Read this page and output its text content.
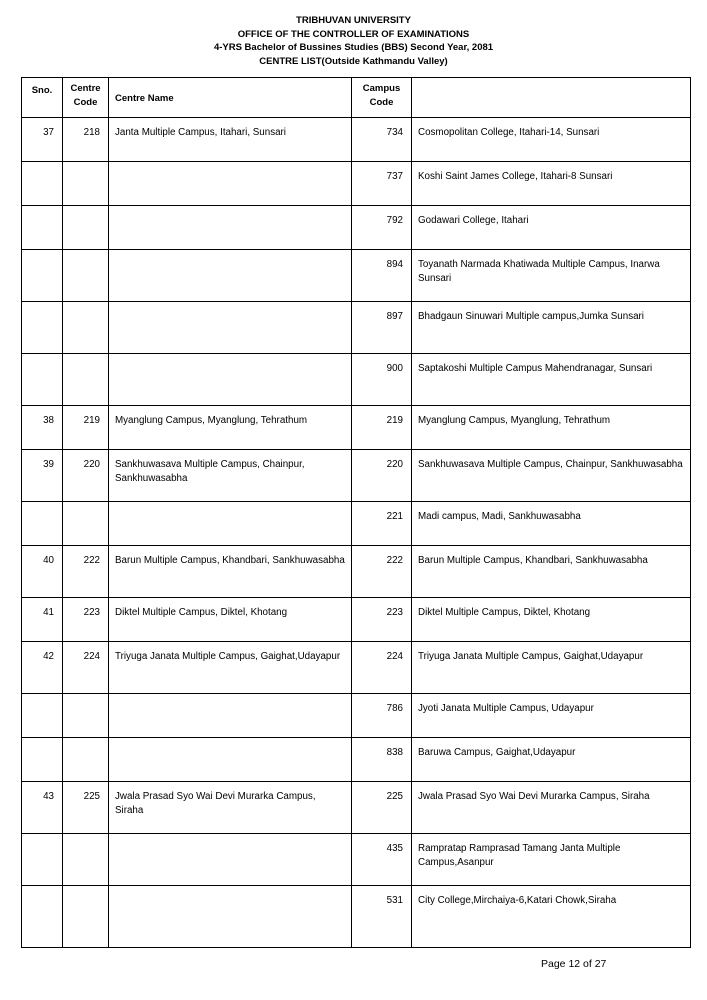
TRIBHUVAN UNIVERSITY
OFFICE OF THE CONTROLLER OF EXAMINATIONS
4-YRS Bachelor of Bussines Studies (BBS) Second Year, 2081
CENTRE LIST(Outside Kathmandu Valley)
Sno.	Centre Code	Centre Name	Campus Code	

37	218	Janta Multiple Campus, Itahari, Sunsari	734	Cosmopolitan College, Itahari-14, Sunsari

			737	Koshi Saint James College, Itahari-8 Sunsari

			792	Godawari College, Itahari

			894	Toyanath Narmada Khatiwada Multiple Campus, Inarwa Sunsari

			897	Bhadgaun Sinuwari Multiple campus,Jumka Sunsari

			900	Saptakoshi Multiple Campus Mahendranagar, Sunsari

38	219	Myanglung Campus, Myanglung, Tehrathum	219	Myanglung Campus, Myanglung, Tehrathum

39	220	Sankhuwasava Multiple Campus, Chainpur, Sankhuwasabha	220	Sankhuwasava Multiple Campus, Chainpur, Sankhuwasabha

			221	Madi campus, Madi, Sankhuwasabha

40	222	Barun Multiple Campus, Khandbari, Sankhuwasabha	222	Barun Multiple Campus, Khandbari, Sankhuwasabha

41	223	Diktel Multiple Campus, Diktel, Khotang	223	Diktel Multiple Campus, Diktel, Khotang

42	224	Triyuga Janata Multiple Campus, Gaighat,Udayapur	224	Triyuga Janata Multiple Campus, Gaighat,Udayapur

			786	Jyoti Janata Multiple Campus, Udayapur

			838	Baruwa Campus, Gaighat,Udayapur

43	225	Jwala Prasad Syo Wai Devi Murarka Campus, Siraha	225	Jwala Prasad Syo Wai Devi Murarka Campus, Siraha

			435	Rampratap Ramprasad Tamang Janta Multiple Campus,Asanpur

			531	City College,Mirchaiya-6,Katari Chowk,Siraha
Page 12 of 27
